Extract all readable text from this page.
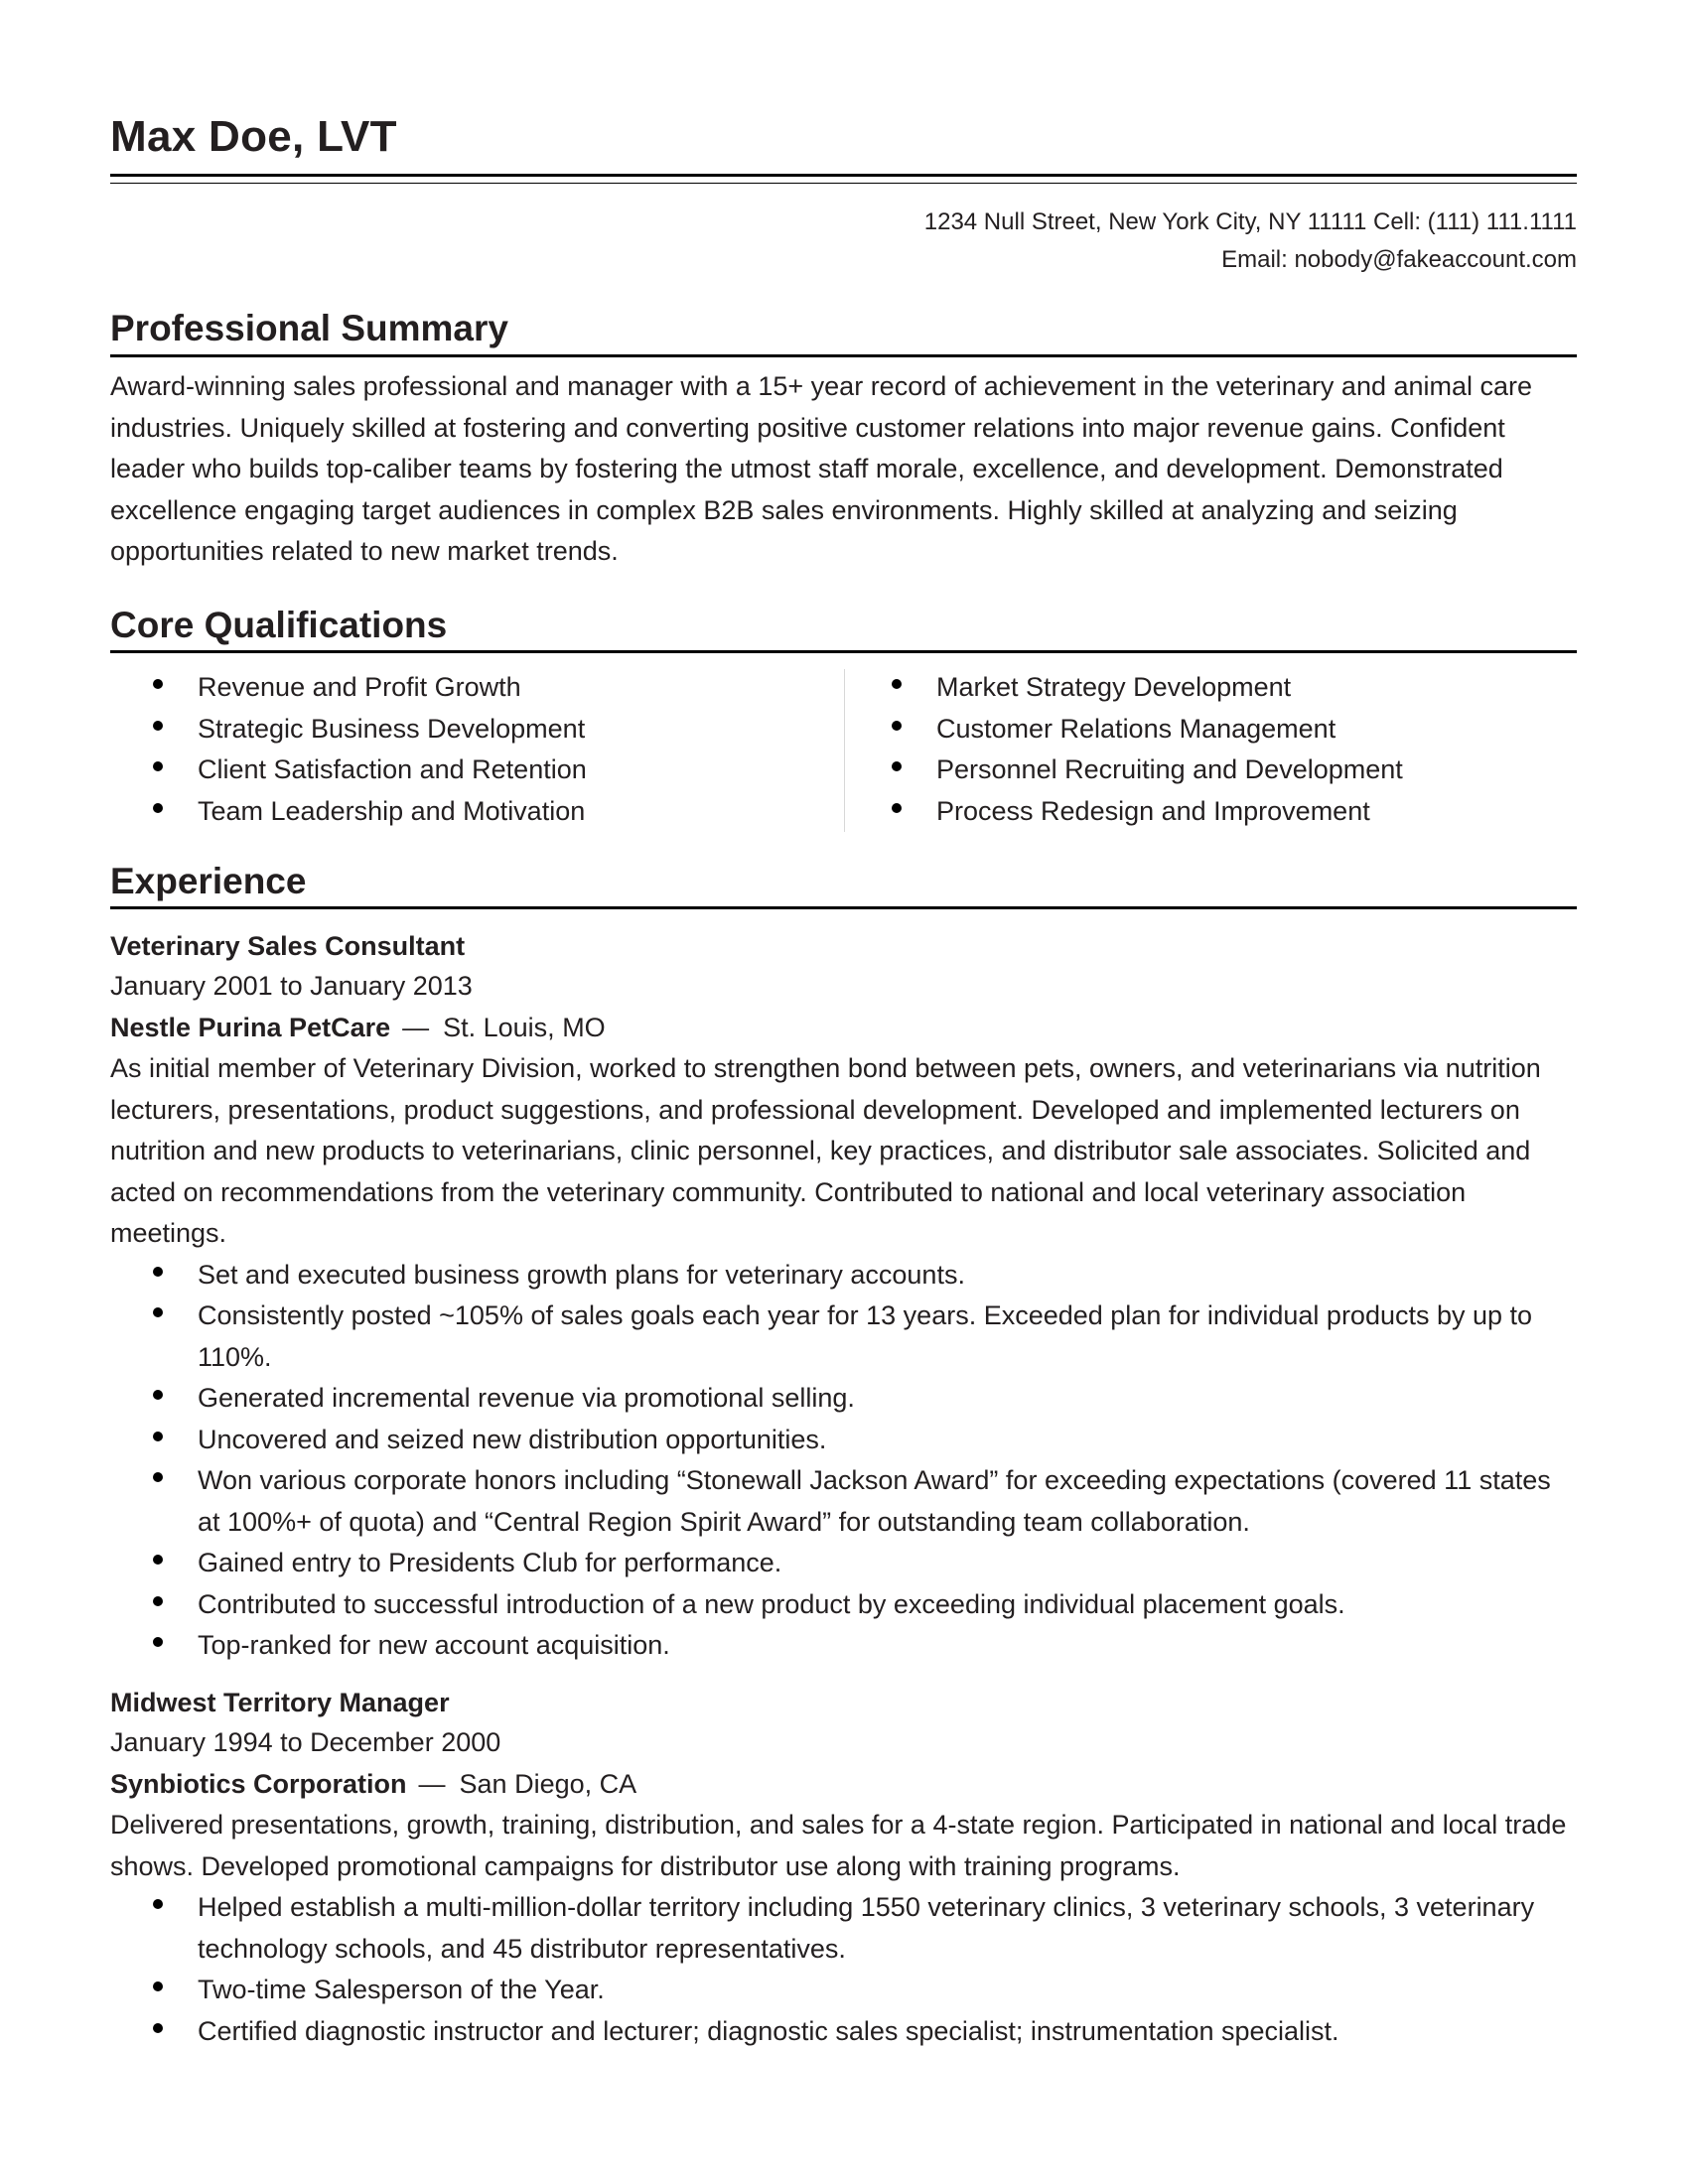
Max Doe, LVT
1234 Null Street, New York City, NY 11111 Cell: (111) 111.1111
Email: nobody@fakeaccount.com
Professional Summary
Award-winning sales professional and manager with a 15+ year record of achievement in the veterinary and animal care industries. Uniquely skilled at fostering and converting positive customer relations into major revenue gains. Confident leader who builds top-caliber teams by fostering the utmost staff morale, excellence, and development. Demonstrated excellence engaging target audiences in complex B2B sales environments. Highly skilled at analyzing and seizing opportunities related to new market trends.
Core Qualifications
Revenue and Profit Growth
Strategic Business Development
Client Satisfaction and Retention
Team Leadership and Motivation
Market Strategy Development
Customer Relations Management
Personnel Recruiting and Development
Process Redesign and Improvement
Experience
Veterinary Sales Consultant
January 2001 to January 2013
Nestle Purina PetCare — St. Louis, MO
As initial member of Veterinary Division, worked to strengthen bond between pets, owners, and veterinarians via nutrition lecturers, presentations, product suggestions, and professional development. Developed and implemented lecturers on nutrition and new products to veterinarians, clinic personnel, key practices, and distributor sale associates. Solicited and acted on recommendations from the veterinary community. Contributed to national and local veterinary association meetings.
Set and executed business growth plans for veterinary accounts.
Consistently posted ~105% of sales goals each year for 13 years. Exceeded plan for individual products by up to 110%.
Generated incremental revenue via promotional selling.
Uncovered and seized new distribution opportunities.
Won various corporate honors including “Stonewall Jackson Award” for exceeding expectations (covered 11 states at 100%+ of quota) and “Central Region Spirit Award” for outstanding team collaboration.
Gained entry to Presidents Club for performance.
Contributed to successful introduction of a new product by exceeding individual placement goals.
Top-ranked for new account acquisition.
Midwest Territory Manager
January 1994 to December 2000
Synbiotics Corporation — San Diego, CA
Delivered presentations, growth, training, distribution, and sales for a 4-state region. Participated in national and local trade shows. Developed promotional campaigns for distributor use along with training programs.
Helped establish a multi-million-dollar territory including 1550 veterinary clinics, 3 veterinary schools, 3 veterinary technology schools, and 45 distributor representatives.
Two-time Salesperson of the Year.
Certified diagnostic instructor and lecturer; diagnostic sales specialist; instrumentation specialist.
